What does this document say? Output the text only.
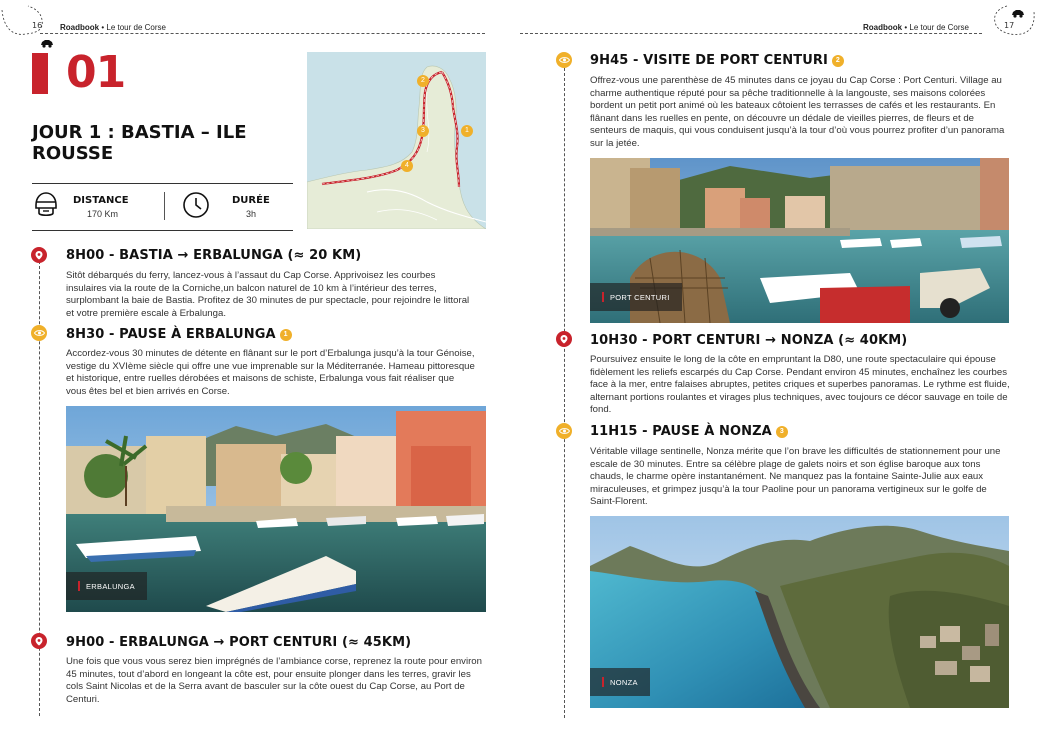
16 Roadbook • Le tour de Corse
01
JOUR 1 : BASTIA – ILE ROUSSE
DISTANCE
170 Km
DURÉE
3h
1
2
3
4
8H00 - BASTIA → ERBALUNGA (≈ 20 KM)
Sitôt débarqués du ferry, lancez-vous à l’assaut du Cap Corse. Apprivoisez les courbes insulaires via la route de la Corniche,un balcon naturel de 10 km à l’intérieur des terres, surplombant la baie de Bastia. Profitez de 30 minutes de pur spectacle, pour rejoindre le littoral et votre première escale à Erbalunga.
8H30 - PAUSE À ERBALUNGA 1
Accordez-vous 30 minutes de détente en flânant sur le port d’Erbalunga jusqu’à la tour Génoise, vestige du XVIème siècle qui offre une vue imprenable sur la Méditerranée. Hameau pittoresque et historique, entre ruelles dérobées et maisons de schiste, Erbalunga vous fait réaliser que vous êtes bel et bien arrivés en Corse.
ERBALUNGA
9H00 - ERBALUNGA → PORT CENTURI (≈ 45KM)
Une fois que vous vous serez bien imprégnés de l’ambiance corse, reprenez la route pour environ 45 minutes, tout d’abord en longeant la côte est, pour ensuite plonger dans les terres, gravir les cols Saint Nicolas et de la Serra avant de basculer sur la côte ouest du Cap Corse, au Port de Centuri.
Roadbook • Le tour de Corse	17
9H45 - VISITE DE PORT CENTURI 2
Offrez-vous une parenthèse de 45 minutes dans ce joyau du Cap Corse : Port Centuri. Village au charme authentique réputé pour sa pêche traditionnelle à la langouste, ses maisons colorées bordent un petit port animé où les bateaux côtoient les terrasses de cafés et les restaurants. En flânant dans les ruelles en pente, on découvre un dédale de vieilles pierres, de fleurs et de senteurs de maquis, qui vous conduisent jusqu’à la tour d’où vous pourrez profiter d’un panorama sur la jetée.
PORT CENTURI
10H30 - PORT CENTURI → NONZA (≈ 40KM)
Poursuivez ensuite le long de la côte en empruntant la D80, une route spectaculaire qui épouse fidèlement les reliefs escarpés du Cap Corse. Pendant environ 45 minutes, enchaînez les courbes face à la mer, entre falaises abruptes, petites criques et superbes panoramas. Le rythme est fluide, alternant portions roulantes et virages plus techniques, avec toujours ce décor sauvage en toile de fond.
11H15 - PAUSE À NONZA 3
Véritable village sentinelle, Nonza mérite que l’on brave les difficultés de stationnement pour une escale de 30 minutes. Entre sa célèbre plage de galets noirs et son église baroque aux tons chauds, le charme opère instantanément. Ne manquez pas la fontaine Sainte-Julie aux eaux miraculeuses, et grimpez jusqu’à la tour Paoline pour un panorama vertigineux sur le golfe de Saint-Florent.
NONZA
